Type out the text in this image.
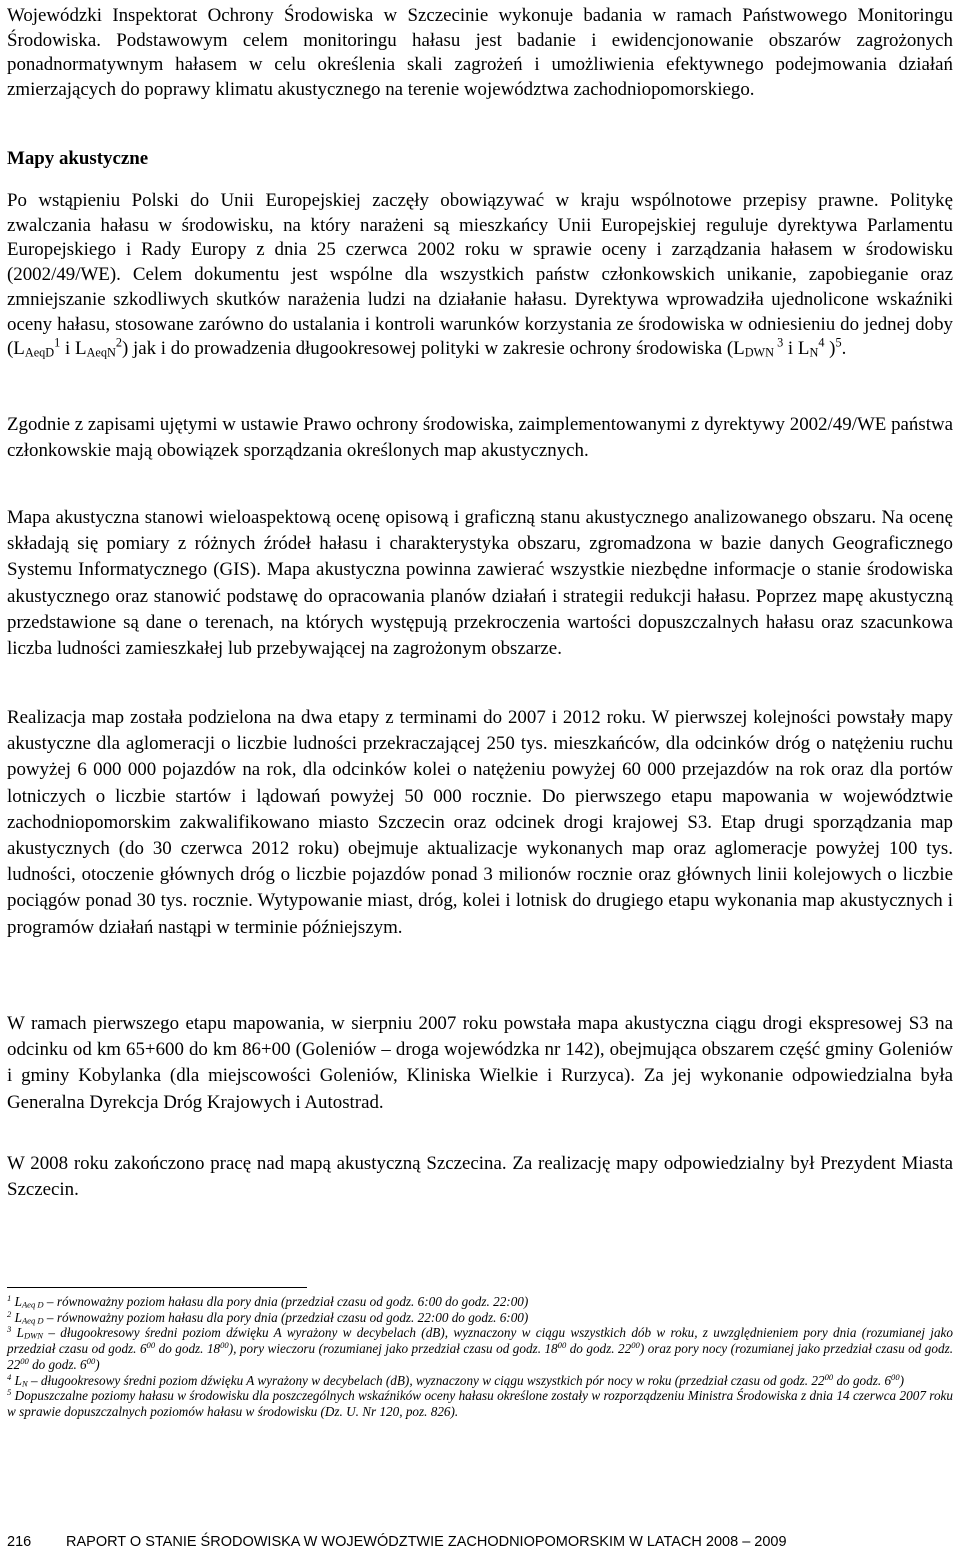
Wojewódzki Inspektorat Ochrony Środowiska w Szczecinie wykonuje badania w ramach Państwowego Monitoringu Środowiska. Podstawowym celem monitoringu hałasu jest badanie i ewidencjonowanie obszarów zagrożonych ponadnormatywnym hałasem w celu określenia skali zagrożeń i umożliwienia efektywnego podejmowania działań zmierzających do poprawy klimatu akustycznego na terenie województwa zachodniopomorskiego.

Mapy akustyczne

Po wstąpieniu Polski do Unii Europejskiej zaczęły obowiązywać w kraju wspólnotowe przepisy prawne. Politykę zwalczania hałasu w środowisku, na który narażeni są mieszkańcy Unii Europejskiej reguluje dyrektywa Parlamentu Europejskiego i Rady Europy z dnia 25 czerwca 2002 roku w sprawie oceny i zarządzania hałasem w środowisku (2002/49/WE). Celem dokumentu jest wspólne dla wszystkich państw członkowskich unikanie, zapobieganie oraz zmniejszanie szkodliwych skutków narażenia ludzi na działanie hałasu. Dyrektywa wprowadziła ujednolicone wskaźniki oceny hałasu, stosowane zarówno do ustalania i kontroli warunków korzystania ze środowiska w odniesieniu do jednej doby ($L_{AeqD}^1$ i $L_{AeqN}^2$) jak i do prowadzenia długookresowej polityki w zakresie ochrony środowiska ($L_{DWN}$ $^3$ i $L_N^4$ )$^5$.

Zgodnie z zapisami ujętymi w ustawie Prawo ochrony środowiska, zaimplementowanymi z dyrektywy 2002/49/WE państwa członkowskie mają obowiązek sporządzania określonych map akustycznych.

Mapa akustyczna stanowi wieloaspektową ocenę opisową i graficzną stanu akustycznego analizowanego obszaru. Na ocenę składają się pomiary z różnych źródeł hałasu i charakterystyka obszaru, zgromadzona w bazie danych Geograficznego Systemu Informatycznego (GIS). Mapa akustyczna powinna zawierać wszystkie niezbędne informacje o stanie środowiska akustycznego oraz stanowić podstawę do opracowania planów działań i strategii redukcji hałasu. Poprzez mapę akustyczną przedstawione są dane o terenach, na których występują przekroczenia wartości dopuszczalnych hałasu oraz szacunkowa liczba ludności zamieszkałej lub przebywającej na zagrożonym obszarze.

Realizacja map została podzielona na dwa etapy z terminami do 2007 i 2012 roku. W pierwszej kolejności powstały mapy akustyczne dla aglomeracji o liczbie ludności przekraczającej 250 tys. mieszkańców, dla odcinków dróg o natężeniu ruchu powyżej 6 000 000 pojazdów na rok, dla odcinków kolei o natężeniu powyżej 60 000 przejazdów na rok oraz dla portów lotniczych o liczbie startów i lądowań powyżej 50 000 rocznie. Do pierwszego etapu mapowania w województwie zachodniopomorskim zakwalifikowano miasto Szczecin oraz odcinek drogi krajowej S3. Etap drugi sporządzania map akustycznych (do 30 czerwca 2012 roku) obejmuje aktualizacje wykonanych map oraz aglomeracje powyżej 100 tys. ludności, otoczenie głównych dróg o liczbie pojazdów ponad 3 milionów rocznie oraz głównych linii kolejowych o liczbie pociągów ponad 30 tys. rocznie. Wytypowanie miast, dróg, kolei i lotnisk do drugiego etapu wykonania map akustycznych i programów działań nastąpi w terminie późniejszym.

W ramach pierwszego etapu mapowania, w sierpniu 2007 roku powstała mapa akustyczna ciągu drogi ekspresowej S3 na odcinku od km 65+600 do km 86+00 (Goleniów – droga wojewódzka nr 142), obejmująca obszarem część gminy Goleniów i gminy Kobylanka (dla miejscowości Goleniów, Kliniska Wielkie i Rurzyca). Za jej wykonanie odpowiedzialna była Generalna Dyrekcja Dróg Krajowych i Autostrad.

W 2008 roku zakończono pracę nad mapą akustyczną Szczecina. Za realizację mapy odpowiedzialny był Prezydent Miasta Szczecin.

$^1$ $L_{Aeq D}$ – równoważny poziom hałasu dla pory dnia (przedział czasu od godz. 6:00 do godz. 22:00)
$^2$ $L_{Aeq D}$ – równoważny poziom hałasu dla pory dnia (przedział czasu od godz. 22:00 do godz. 6:00)
$^3$ $L_{DWN}$ – długookresowy średni poziom dźwięku A wyrażony w decybelach (dB), wyznaczony w ciągu wszystkich dób w roku, z uwzględnieniem pory dnia (rozumianej jako przedział czasu od godz. $6^{00}$ do godz. $18^{00}$), pory wieczoru (rozumianej jako przedział czasu od godz. $18^{00}$ do godz. $22^{00}$) oraz pory nocy (rozumianej jako przedział czasu od godz. $22^{00}$ do godz. $6^{00}$)
$^4$ $L_N$ – długookresowy średni poziom dźwięku A wyrażony w decybelach (dB), wyznaczony w ciągu wszystkich pór nocy w roku (przedział czasu od godz. $22^{00}$ do godz. $6^{00}$)
$^5$ Dopuszczalne poziomy hałasu w środowisku dla poszczególnych wskaźników oceny hałasu określone zostały w rozporządzeniu Ministra Środowiska z dnia 14 czerwca 2007 roku w sprawie dopuszczalnych poziomów hałasu w środowisku (Dz. U. Nr 120, poz. 826).
216 RAPORT O STANIE ŚRODOWISKA W WOJEWÓDZTWIE ZACHODNIOPOMORSKIM W LATACH 2008 – 2009
